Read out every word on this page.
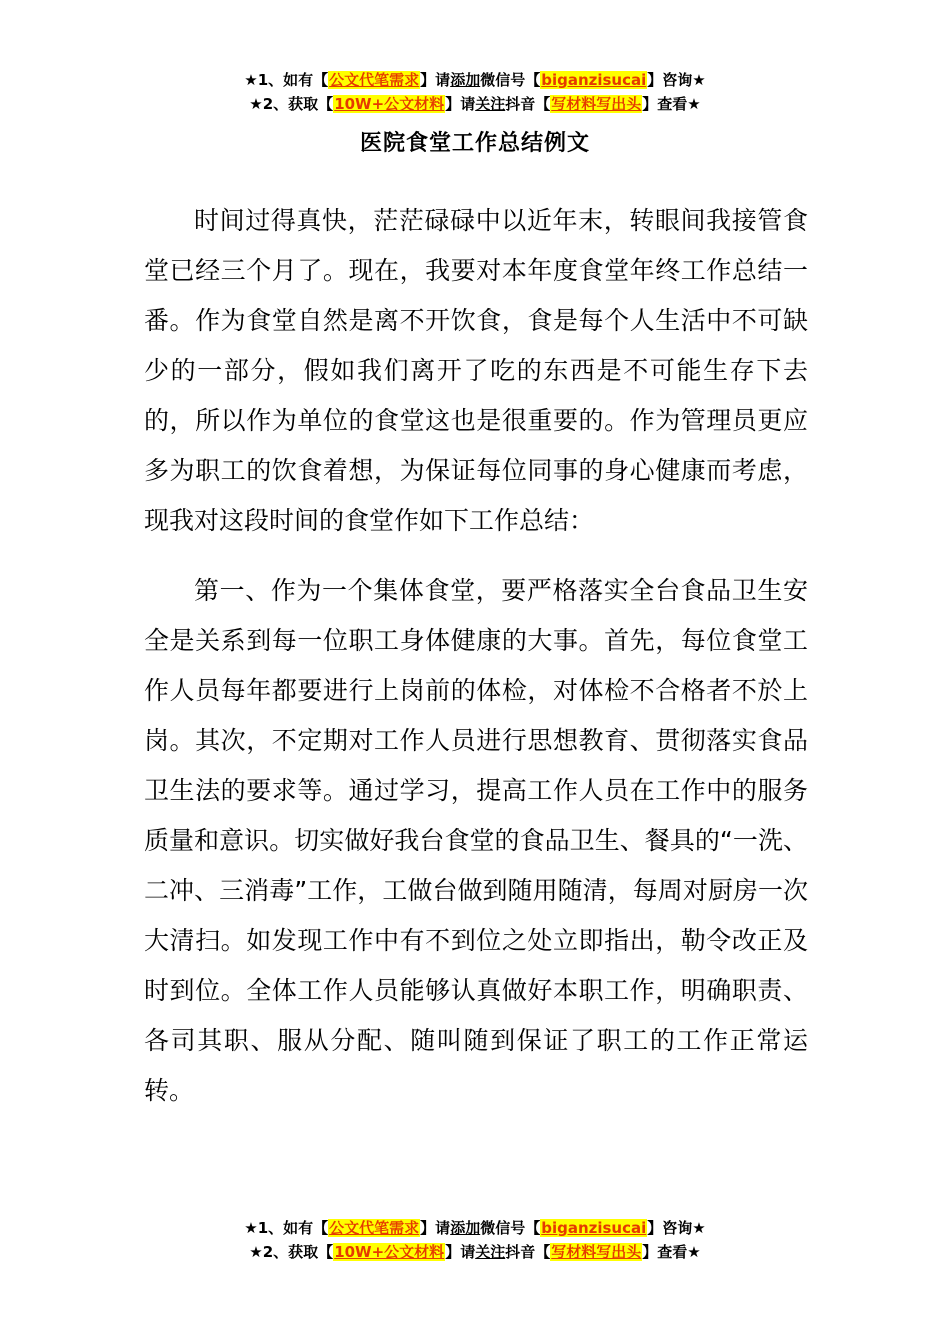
★1、如有【公文代笔需求】请添加微信号【biganzisucai】咨询★
★2、获取【10W+公文材料】请关注抖音【写材料写出头】查看★
医院食堂工作总结例文

时间过得真快，茫茫碌碌中以近年末，转眼间我接管食堂已经三个月了。现在，我要对本年度食堂年终工作总结一番。作为食堂自然是离不开饮食，食是每个人生活中不可缺少的一部分，假如我们离开了吃的东西是不可能生存下去的，所以作为单位的食堂这也是很重要的。作为管理员更应多为职工的饮食着想，为保证每位同事的身心健康而考虑，现我对这段时间的食堂作如下工作总结：

第一、作为一个集体食堂，要严格落实全台食品卫生安全是关系到每一位职工身体健康的大事。首先，每位食堂工作人员每年都要进行上岗前的体检，对体检不合格者不於上岗。其次，不定期对工作人员进行思想教育、贯彻落实食品卫生法的要求等。通过学习，提高工作人员在工作中的服务质量和意识。切实做好我台食堂的食品卫生、餐具的“一洗、二冲、三消毒”工作，工做台做到随用随清，每周对厨房一次大清扫。如发现工作中有不到位之处立即指出，勒令改正及时到位。全体工作人员能够认真做好本职工作，明确职责、各司其职、服从分配、随叫随到保证了职工的工作正常运转。

★1、如有【公文代笔需求】请添加微信号【biganzisucai】咨询★
★2、获取【10W+公文材料】请关注抖音【写材料写出头】查看★
